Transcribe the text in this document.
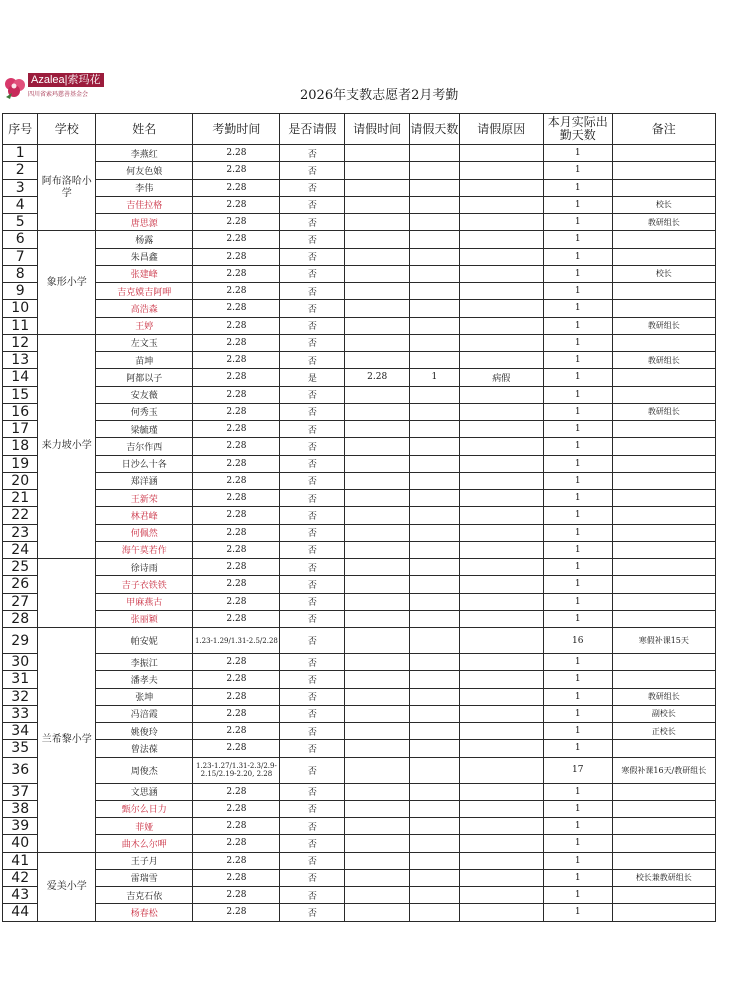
Azalea|索玛花
四川省索玛慈善基金会	2026年支教志愿者2月考勤
序号	学校	姓名	考勤时间	是否请假	请假时间	请假天数	请假原因	本月实际出勤天数	备注
1	阿布洛哈小学	李燕红	2.28	否				1	
2		何友色娘	2.28	否				1	
3		李伟	2.28	否				1	
4		吉佳拉格	2.28	否				1	校长
5		唐思源	2.28	否				1	教研组长
6	象形小学	杨露	2.28	否				1	
7		朱昌鑫	2.28	否				1	
8		张建峰	2.28	否				1	校长
9		吉克嫫吉阿呷	2.28	否				1	
10		高浩森	2.28	否				1	
11		王婷	2.28	否				1	教研组长
12	来力坡小学	左文玉	2.28	否				1	
13		苗坤	2.28	否				1	教研组长
14		阿都以子	2.28	是	2.28	1	病假	1	
15		安友薇	2.28	否				1	
16		何秀玉	2.28	否				1	教研组长
17		梁毓瑾	2.28	否				1	
18		吉尔作西	2.28	否				1	
19		日沙么十各	2.28	否				1	
20		郑洋涵	2.28	否				1	
21		王新荣	2.28	否				1	
22		林君峰	2.28	否				1	
23		何佩然	2.28	否				1	
24		海午莫若作	2.28	否				1	
25		徐诗雨	2.28	否				1	
26		吉子衣铁铁	2.28	否				1	
27		甲麻燕古	2.28	否				1	
28		张丽颖	2.28	否				1	
29	兰希黎小学	帕安妮	1.23-1.29/1.31-2.5/2.28	否				16	寒假补课15天
30		李振江	2.28	否				1	
31		潘孝夫	2.28	否				1	
32		张坤	2.28	否				1	教研组长
33		冯涪霞	2.28	否				1	副校长
34		姚俊玲	2.28	否				1	正校长
35		曾法葆	2.28	否				1	
36		周俊杰	1.23-1.27/1.31-2.3/2.9-2.15/2.19-2.20, 2.28	否				17	寒假补课16天/教研组长
37		文思涵	2.28	否				1	
38		甄尔么日力	2.28	否				1	
39		菲娅	2.28	否				1	
40		曲木么尔呷	2.28	否				1	
41	爱美小学	王子月	2.28	否				1	
42		雷瑞雪	2.28	否				1	校长兼教研组长
43		吉克石依	2.28	否				1	
44		杨春松	2.28	否				1	
